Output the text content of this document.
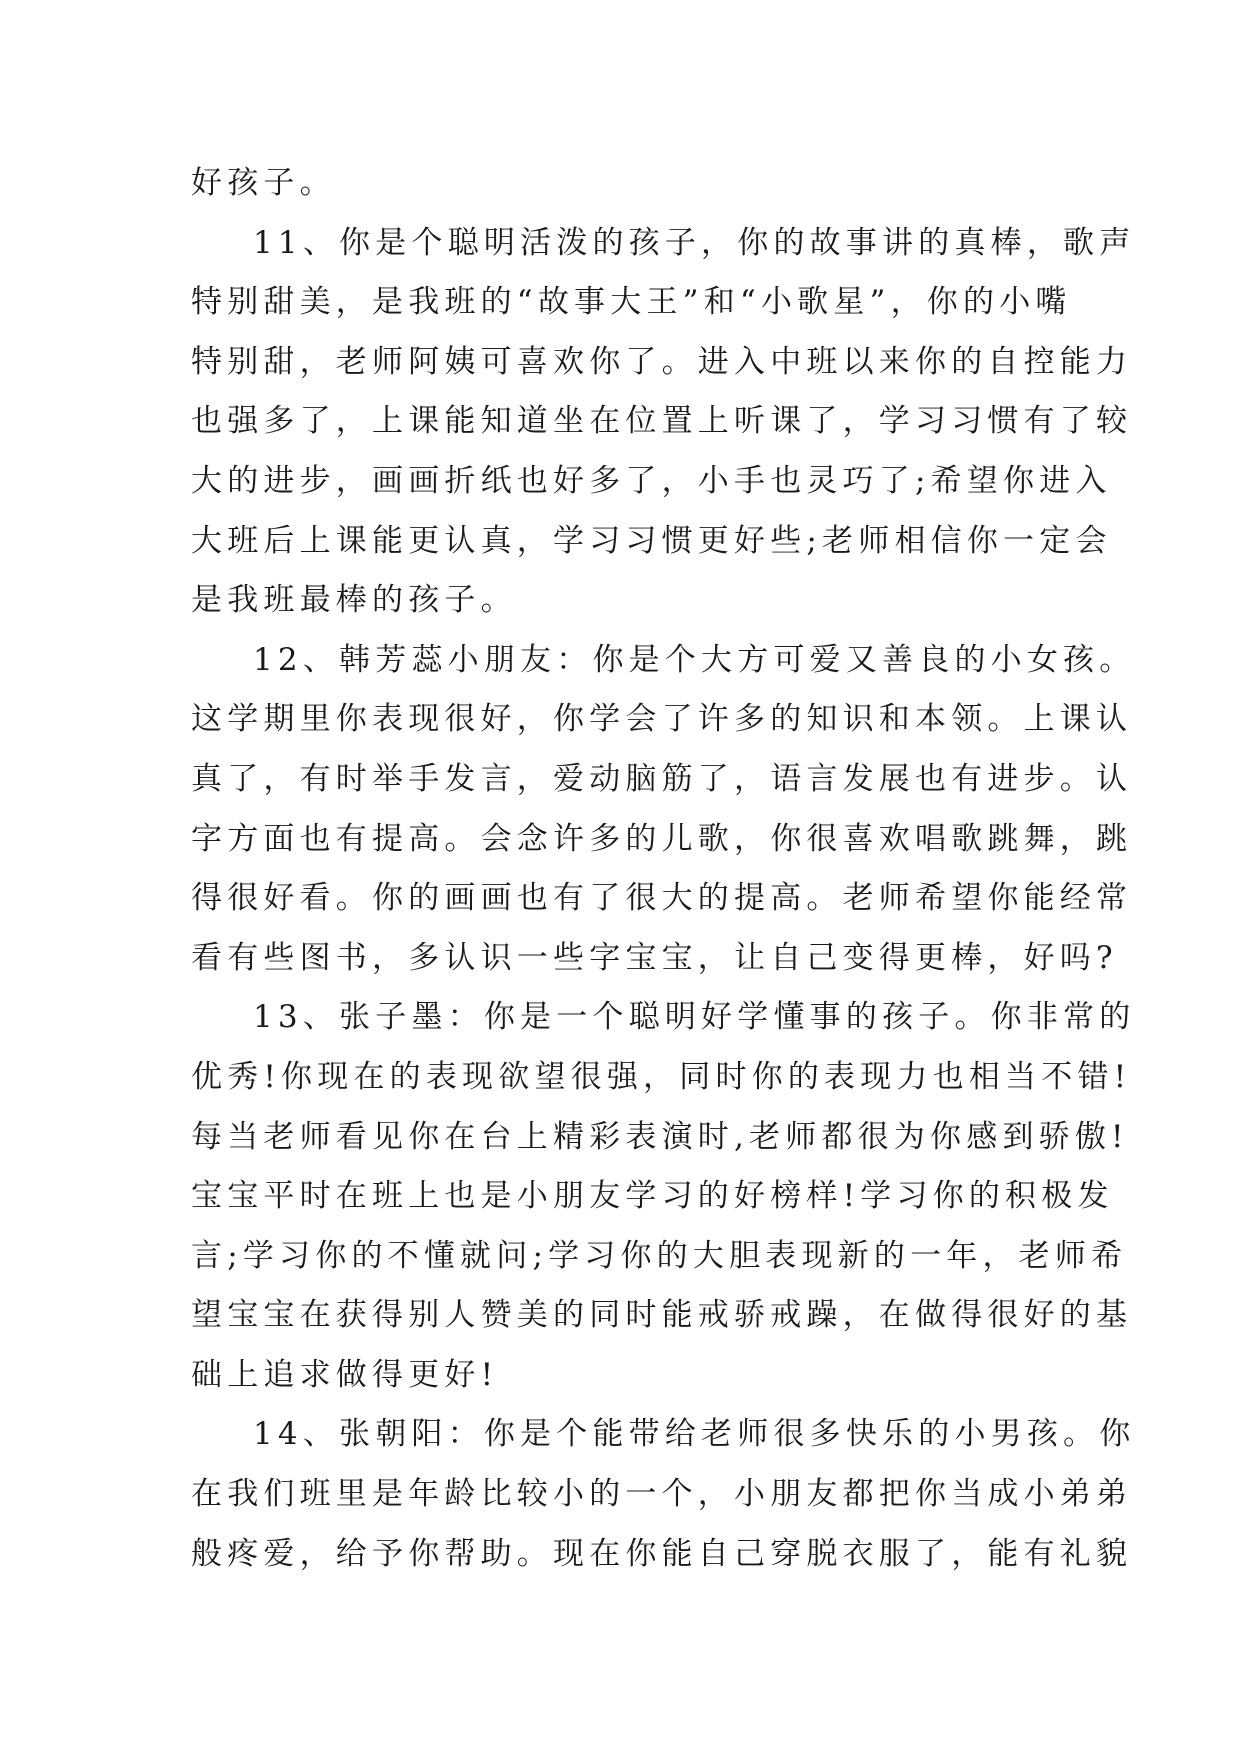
好孩子。
11、你是个聪明活泼的孩子，你的故事讲的真棒，歌声
特别甜美，是我班的“故事大王”和“小歌星”，你的小嘴
特别甜，老师阿姨可喜欢你了。进入中班以来你的自控能力
也强多了，上课能知道坐在位置上听课了，学习习惯有了较
大的进步，画画折纸也好多了，小手也灵巧了;希望你进入
大班后上课能更认真，学习习惯更好些;老师相信你一定会
是我班最棒的孩子。
12、韩芳蕊小朋友：你是个大方可爱又善良的小女孩。
这学期里你表现很好，你学会了许多的知识和本领。上课认
真了，有时举手发言，爱动脑筋了，语言发展也有进步。认
字方面也有提高。会念许多的儿歌，你很喜欢唱歌跳舞，跳
得很好看。你的画画也有了很大的提高。老师希望你能经常
看有些图书，多认识一些字宝宝，让自己变得更棒，好吗?
13、张子墨：你是一个聪明好学懂事的孩子。你非常的
优秀!你现在的表现欲望很强，同时你的表现力也相当不错!
每当老师看见你在台上精彩表演时,老师都很为你感到骄傲!
宝宝平时在班上也是小朋友学习的好榜样!学习你的积极发
言;学习你的不懂就问;学习你的大胆表现新的一年，老师希
望宝宝在获得别人赞美的同时能戒骄戒躁，在做得很好的基
础上追求做得更好!
14、张朝阳：你是个能带给老师很多快乐的小男孩。你
在我们班里是年龄比较小的一个，小朋友都把你当成小弟弟
般疼爱，给予你帮助。现在你能自己穿脱衣服了，能有礼貌
